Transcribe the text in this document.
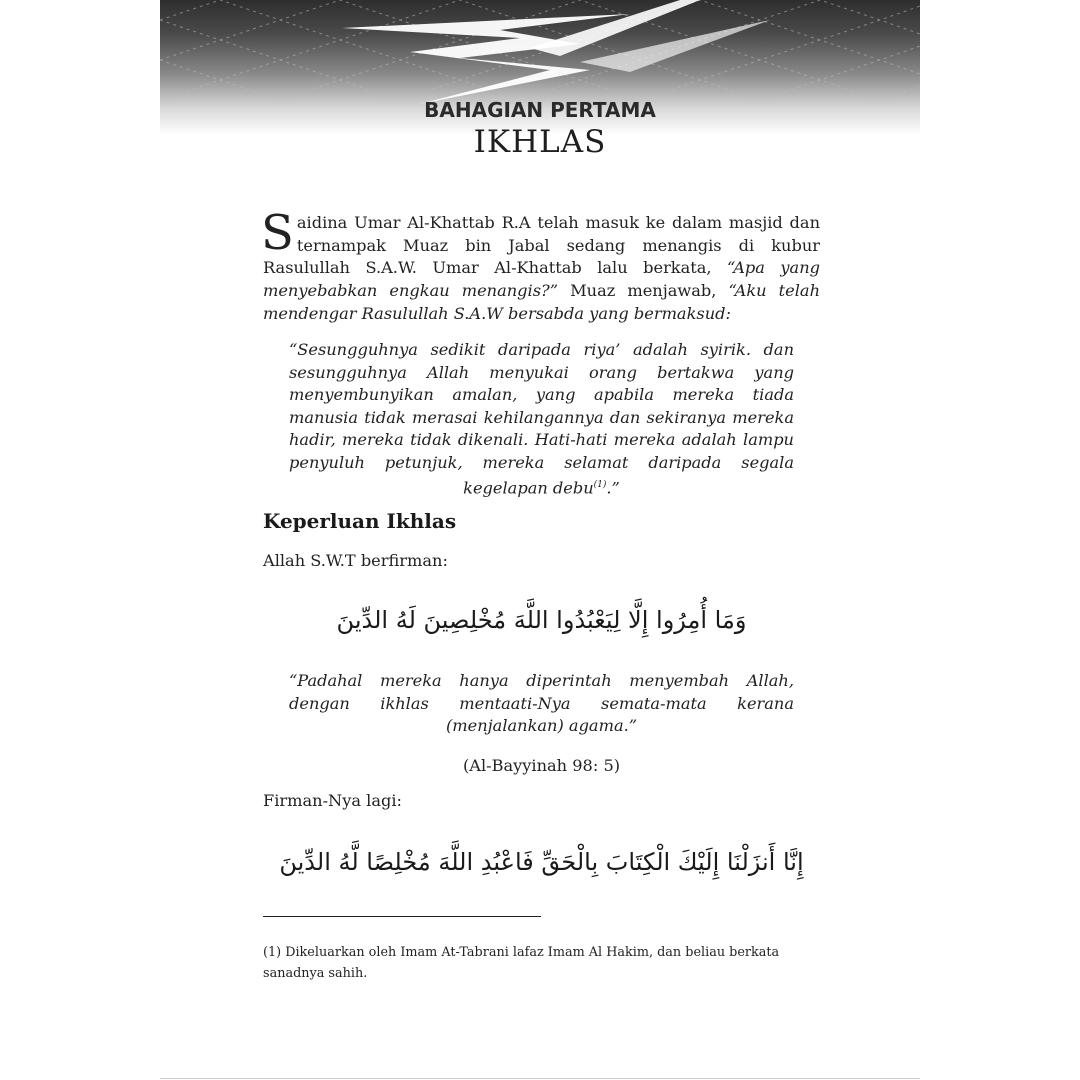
BAHAGIAN PERTAMA
IKHLAS
Saidina Umar Al-Khattab R.A telah masuk ke dalam masjid dan ternampak Muaz bin Jabal sedang menangis di kubur Rasulullah S.A.W. Umar Al-Khattab lalu berkata, “Apa yang menyebabkan engkau menangis?” Muaz menjawab, “Aku telah mendengar Rasulullah S.A.W bersabda yang bermaksud:
“Sesungguhnya sedikit daripada riya’ adalah syirik. dan sesungguhnya Allah menyukai orang bertakwa yang menyembunyikan amalan, yang apabila mereka tiada manusia tidak merasai kehilangannya dan sekiranya mereka hadir, mereka tidak dikenali. Hati-hati mereka adalah lampu penyuluh petunjuk, mereka selamat daripada segala kegelapan debu$^{(1)}$.”
Keperluan Ikhlas
Allah S.W.T berfirman:
وَمَا أُمِرُوا إِلَّا لِيَعْبُدُوا اللَّهَ مُخْلِصِينَ لَهُ الدِّينَ
“Padahal mereka hanya diperintah menyembah Allah, dengan ikhlas mentaati-Nya semata-mata kerana (menjalankan) agama.”
(Al-Bayyinah 98: 5)
Firman-Nya lagi:
إِنَّا أَنزَلْنَا إِلَيْكَ الْكِتَابَ بِالْحَقِّ فَاعْبُدِ اللَّهَ مُخْلِصًا لَّهُ الدِّينَ
(1) Dikeluarkan oleh Imam At-Tabrani lafaz Imam Al Hakim, dan beliau berkata sanadnya sahih.
